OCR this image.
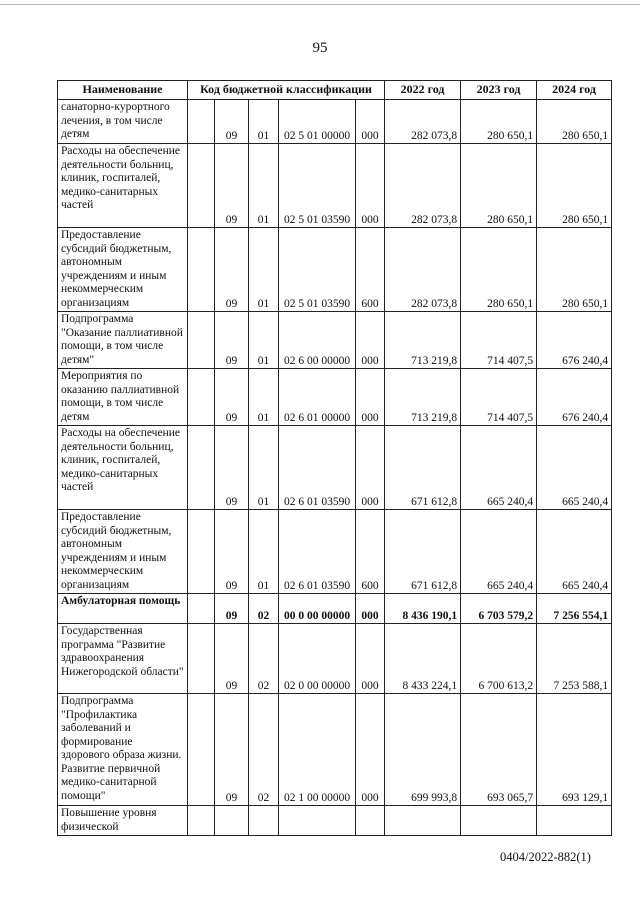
95
Наименование	Код бюджетной классификации					2022 год	2023 год	2024 год
санаторно-курортного лечения, в том числе детям		09	01	02 5 01 00000	000	282 073,8	280 650,1	280 650,1
Расходы на обеспечение деятельности больниц, клиник, госпиталей, медико-санитарных частей		09	01	02 5 01 03590	000	282 073,8	280 650,1	280 650,1
Предоставление субсидий бюджетным, автономным учреждениям и иным некоммерческим организациям		09	01	02 5 01 03590	600	282 073,8	280 650,1	280 650,1
Подпрограмма "Оказание паллиативной помощи, в том числе детям"		09	01	02 6 00 00000	000	713 219,8	714 407,5	676 240,4
Мероприятия по оказанию паллиативной помощи, в том числе детям		09	01	02 6 01 00000	000	713 219,8	714 407,5	676 240,4
Расходы на обеспечение деятельности больниц, клиник, госпиталей, медико-санитарных частей		09	01	02 6 01 03590	000	671 612,8	665 240,4	665 240,4
Предоставление субсидий бюджетным, автономным учреждениям и иным некоммерческим организациям		09	01	02 6 01 03590	600	671 612,8	665 240,4	665 240,4
Амбулаторная помощь		09	02	00 0 00 00000	000	8 436 190,1	6 703 579,2	7 256 554,1
Государственная программа "Развитие здравоохранения Нижегородской области"		09	02	02 0 00 00000	000	8 433 224,1	6 700 613,2	7 253 588,1
Подпрограмма "Профилактика заболеваний и формирование здорового образа жизни. Развитие первичной медико-санитарной помощи"		09	02	02 1 00 00000	000	699 993,8	693 065,7	693 129,1
Повышение уровня физической								
0404/2022-882(1)
